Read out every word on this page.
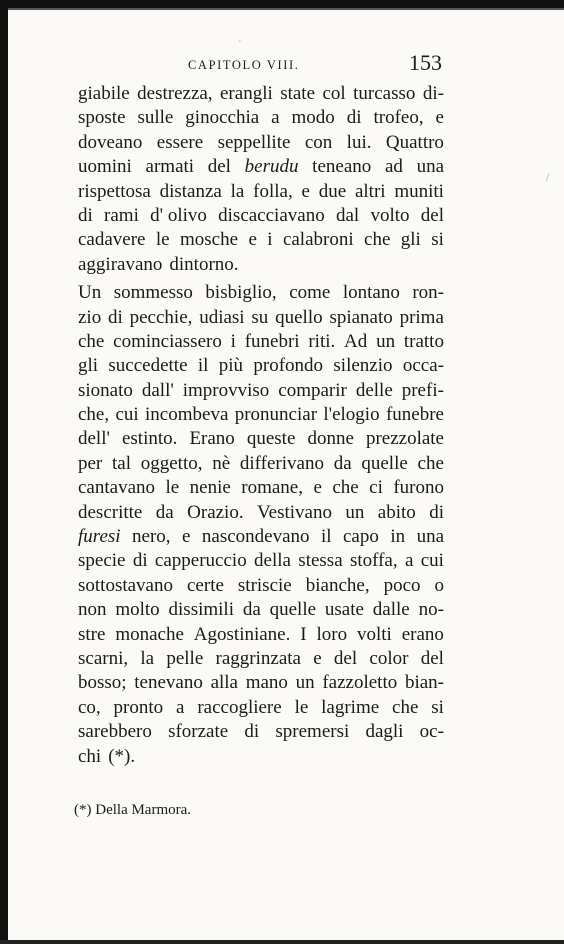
CAPITOLO VIII.	153
giabile destrezza, erangli state col turcasso di-
sposte sulle ginocchia a modo di trofeo, e
doveano essere seppellite con lui. Quattro
uomini armati del berudu teneano ad una
rispettosa distanza la folla, e due altri muniti
di rami d' olivo discacciavano dal volto del
cadavere le mosche e i calabroni che gli si
aggiravano dintorno.
Un sommesso bisbiglio, come lontano ron-
zio di pecchie, udiasi su quello spianato prima
che cominciassero i funebri riti. Ad un tratto
gli succedette il più profondo silenzio occa-
sionato dall' improvviso comparir delle prefi-
che, cui incombeva pronunciar l'elogio funebre
dell' estinto. Erano queste donne prezzolate
per tal oggetto, nè differivano da quelle che
cantavano le nenie romane, e che ci furono
descritte da Orazio. Vestivano un abito di
furesi nero, e nascondevano il capo in una
specie di capperuccio della stessa stoffa, a cui
sottostavano certe striscie bianche, poco o
non molto dissimili da quelle usate dalle no-
stre monache Agostiniane. I loro volti erano
scarni, la pelle raggrinzata e del color del
bosso; tenevano alla mano un fazzoletto bian-
co, pronto a raccogliere le lagrime che si
sarebbero sforzate di spremersi dagli oc-
chi (*).
(*) Della Marmora.
ˊ
/
